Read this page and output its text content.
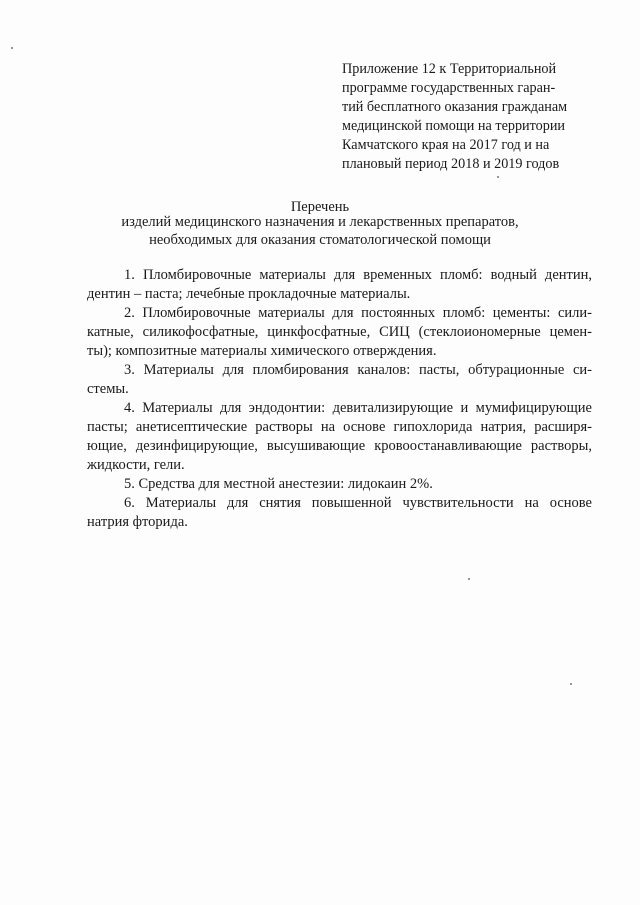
Приложение 12 к Территориальной
программе государственных гаран-
тий бесплатного оказания гражданам
медицинской помощи на территории
Камчатского края на 2017 год и на
плановый период 2018 и 2019 годов
Перечень
изделий медицинского назначения и лекарственных препаратов,
необходимых для оказания стоматологической помощи
1. Пломбировочные материалы для временных пломб: водный дентин,
дентин – паста; лечебные прокладочные материалы.
2. Пломбировочные материалы для постоянных пломб: цементы: сили-
катные, силикофосфатные, цинкфосфатные, СИЦ (стеклоиономерные цемен-
ты); композитные материалы химического отверждения.
3. Материалы для пломбирования каналов: пасты, обтурационные си-
стемы.
4. Материалы для эндодонтии: девитализирующие и мумифицирующие
пасты; анетисептические растворы на основе гипохлорида натрия, расширя-
ющие, дезинфицирующие, высушивающие кровоостанавливающие растворы,
жидкости, гели.
5. Средства для местной анестезии: лидокаин 2%.
6. Материалы для снятия повышенной чувствительности на основе
натрия фторида.
